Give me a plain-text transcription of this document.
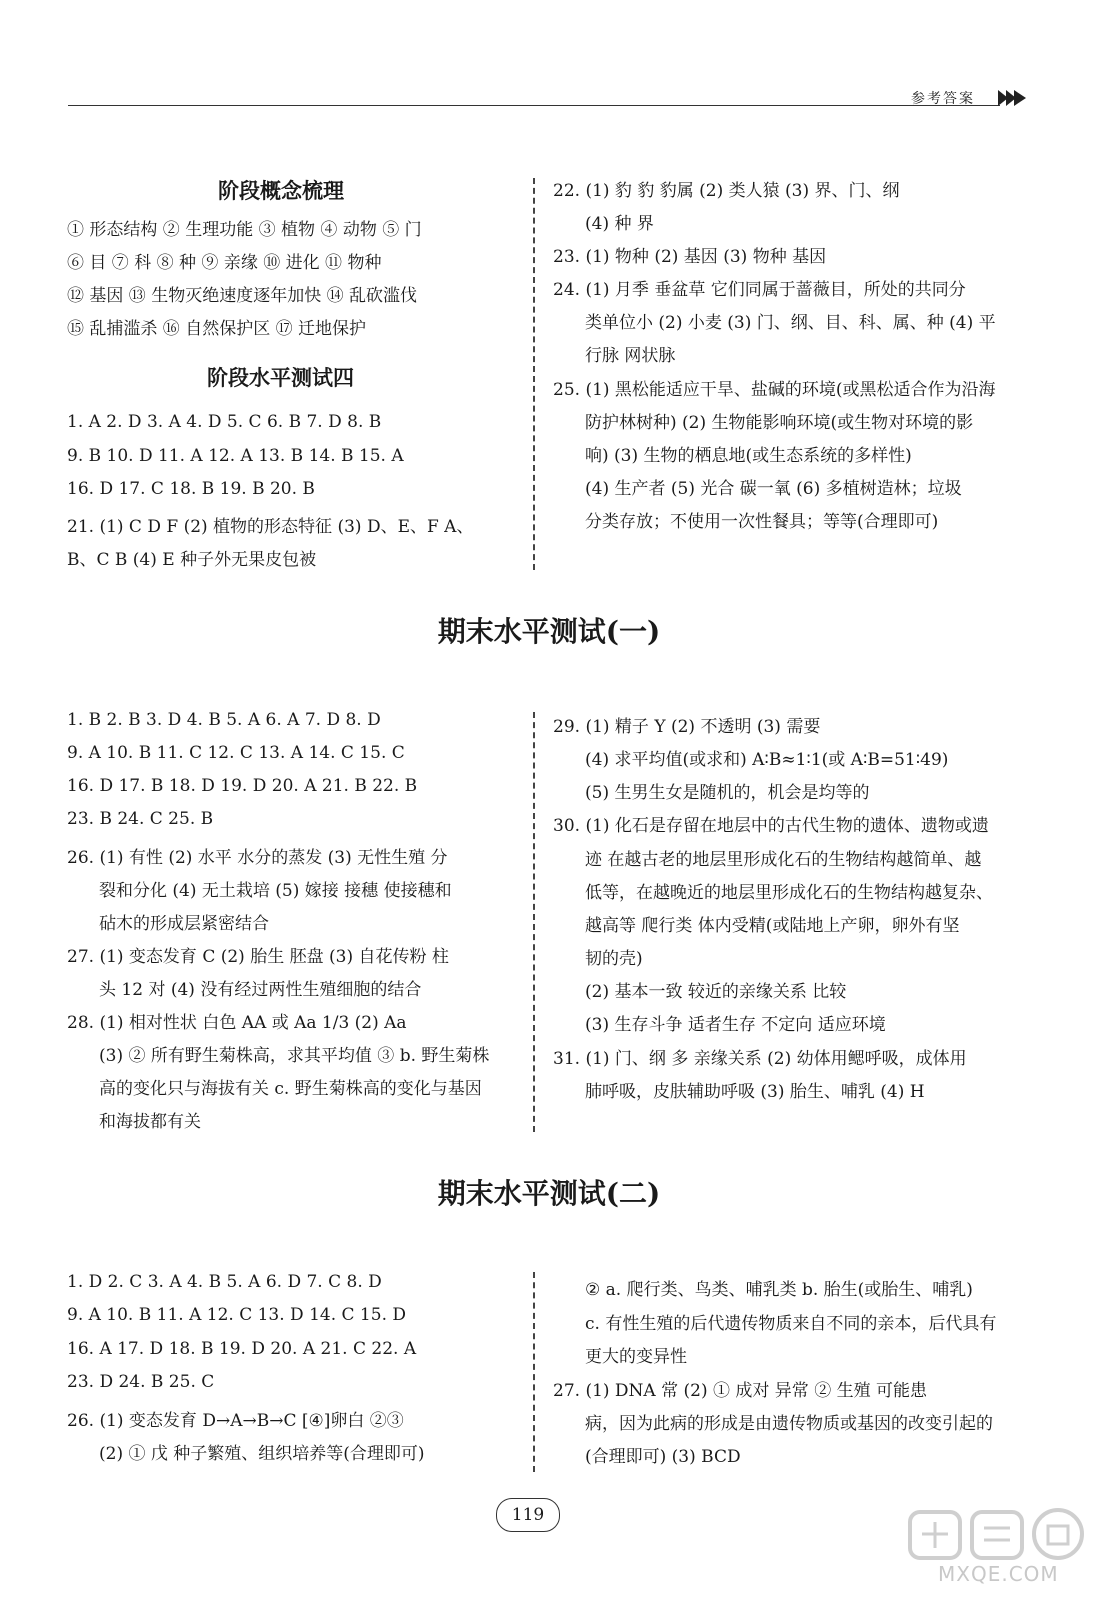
参考答案
阶段概念梳理
① 形态结构 ② 生理功能 ③ 植物 ④ 动物 ⑤ 门
⑥ 目 ⑦ 科 ⑧ 种 ⑨ 亲缘 ⑩ 进化 ⑪ 物种
⑫ 基因 ⑬ 生物灭绝速度逐年加快 ⑭ 乱砍滥伐
⑮ 乱捕滥杀 ⑯ 自然保护区 ⑰ 迁地保护
阶段水平测试四
1. A 2. D 3. A 4. D 5. C 6. B 7. D 8. B
9. B 10. D 11. A 12. A 13. B 14. B 15. A
16. D 17. C 18. B 19. B 20. B
21. (1) C D F (2) 植物的形态特征 (3) D、E、F A、
B、C B (4) E 种子外无果皮包被
22. (1) 豹 豹 豹属 (2) 类人猿 (3) 界、门、纲
(4) 种 界
23. (1) 物种 (2) 基因 (3) 物种 基因
24. (1) 月季 垂盆草 它们同属于蔷薇目，所处的共同分
类单位小 (2) 小麦 (3) 门、纲、目、科、属、种 (4) 平
行脉 网状脉
25. (1) 黑松能适应干旱、盐碱的环境(或黑松适合作为沿海
防护林树种) (2) 生物能影响环境(或生物对环境的影
响) (3) 生物的栖息地(或生态系统的多样性)
(4) 生产者 (5) 光合 碳一氧 (6) 多植树造林；垃圾
分类存放；不使用一次性餐具；等等(合理即可)
期末水平测试(一)
1. B 2. B 3. D 4. B 5. A 6. A 7. D 8. D
9. A 10. B 11. C 12. C 13. A 14. C 15. C
16. D 17. B 18. D 19. D 20. A 21. B 22. B
23. B 24. C 25. B
26. (1) 有性 (2) 水平 水分的蒸发 (3) 无性生殖 分
裂和分化 (4) 无土栽培 (5) 嫁接 接穗 使接穗和
砧木的形成层紧密结合
27. (1) 变态发育 C (2) 胎生 胚盘 (3) 自花传粉 柱
头 12 对 (4) 没有经过两性生殖细胞的结合
28. (1) 相对性状 白色 AA 或 Aa 1/3 (2) Aa
(3) ② 所有野生菊株高，求其平均值 ③ b. 野生菊株
高的变化只与海拔有关 c. 野生菊株高的变化与基因
和海拔都有关
29. (1) 精子 Y (2) 不透明 (3) 需要
(4) 求平均值(或求和) A∶B≈1∶1(或 A∶B=51∶49)
(5) 生男生女是随机的，机会是均等的
30. (1) 化石是存留在地层中的古代生物的遗体、遗物或遗
迹 在越古老的地层里形成化石的生物结构越简单、越
低等，在越晚近的地层里形成化石的生物结构越复杂、
越高等 爬行类 体内受精(或陆地上产卵，卵外有坚
韧的壳)
(2) 基本一致 较近的亲缘关系 比较
(3) 生存斗争 适者生存 不定向 适应环境
31. (1) 门、纲 多 亲缘关系 (2) 幼体用鳃呼吸，成体用
肺呼吸，皮肤辅助呼吸 (3) 胎生、哺乳 (4) H
期末水平测试(二)
1. D 2. C 3. A 4. B 5. A 6. D 7. C 8. D
9. A 10. B 11. A 12. C 13. D 14. C 15. D
16. A 17. D 18. B 19. D 20. A 21. C 22. A
23. D 24. B 25. C
26. (1) 变态发育 D→A→B→C [④]卵白 ②③
(2) ① 戊 种子繁殖、组织培养等(合理即可)
② a. 爬行类、鸟类、哺乳类 b. 胎生(或胎生、哺乳)
c. 有性生殖的后代遗传物质来自不同的亲本，后代具有
更大的变异性
27. (1) DNA 常 (2) ① 成对 异常 ② 生殖 可能患
病，因为此病的形成是由遗传物质或基因的改变引起的
(合理即可) (3) BCD
119
MXQE.COM
